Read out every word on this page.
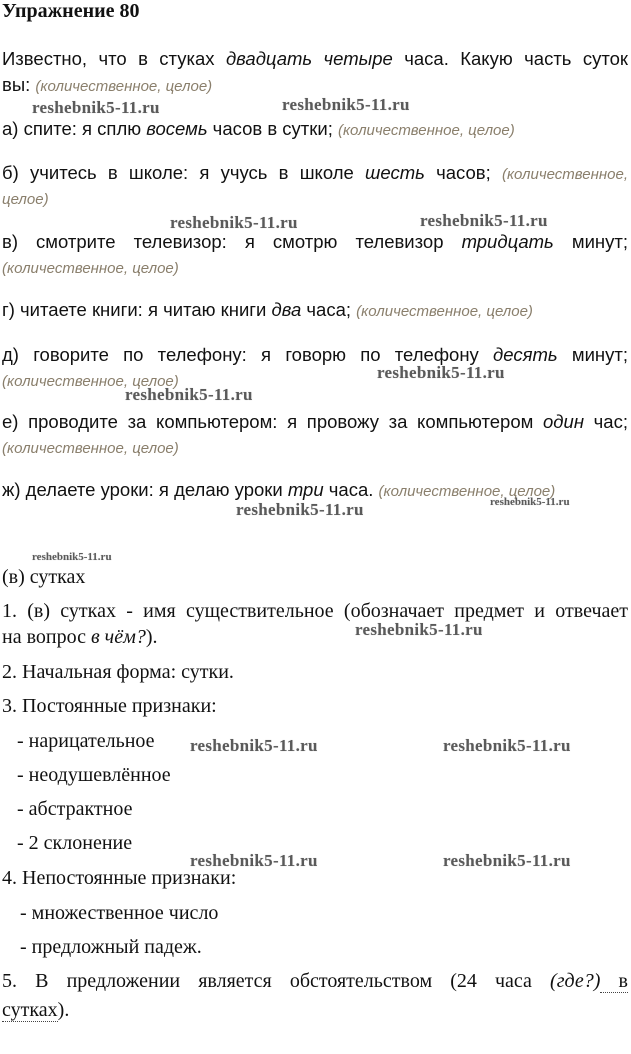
Упражнение 80
Известно, что в стуках двадцать четыре часа. Какую часть суток
вы: (количественное, целое)
а) спите: я сплю восемь часов в сутки; (количественное, целое)
б) учитесь в школе: я учусь в школе шесть часов; (количественное,
целое)
в) смотрите телевизор: я смотрю телевизор тридцать минут;
(количественное, целое)
г) читаете книги: я читаю книги два часа; (количественное, целое)
д) говорите по телефону: я говорю по телефону десять минут;
(количественное, целое)
е) проводите за компьютером: я провожу за компьютером один час;
(количественное, целое)
ж) делаете уроки: я делаю уроки три часа. (количественное, целое)
(в) сутках
1. (в) сутках - имя существительное (обозначает предмет и отвечает
на вопрос в чём?).
2. Начальная форма: сутки.
3. Постоянные признаки:
- нарицательное
- неодушевлённое
- абстрактное
- 2 склонение
4. Непостоянные признаки:
- множественное число
- предложный падеж.
5. В предложении является обстоятельством (24 часа (где?) в
сутках).
reshebnik5-11.ru	reshebnik5-11.ru
reshebnik5-11.ru	reshebnik5-11.ru
reshebnik5-11.ru
reshebnik5-11.ru
reshebnik5-11.ru
reshebnik5-11.ru
reshebnik5-11.ru
reshebnik5-11.ru
reshebnik5-11.ru	reshebnik5-11.ru
reshebnik5-11.ru	reshebnik5-11.ru
